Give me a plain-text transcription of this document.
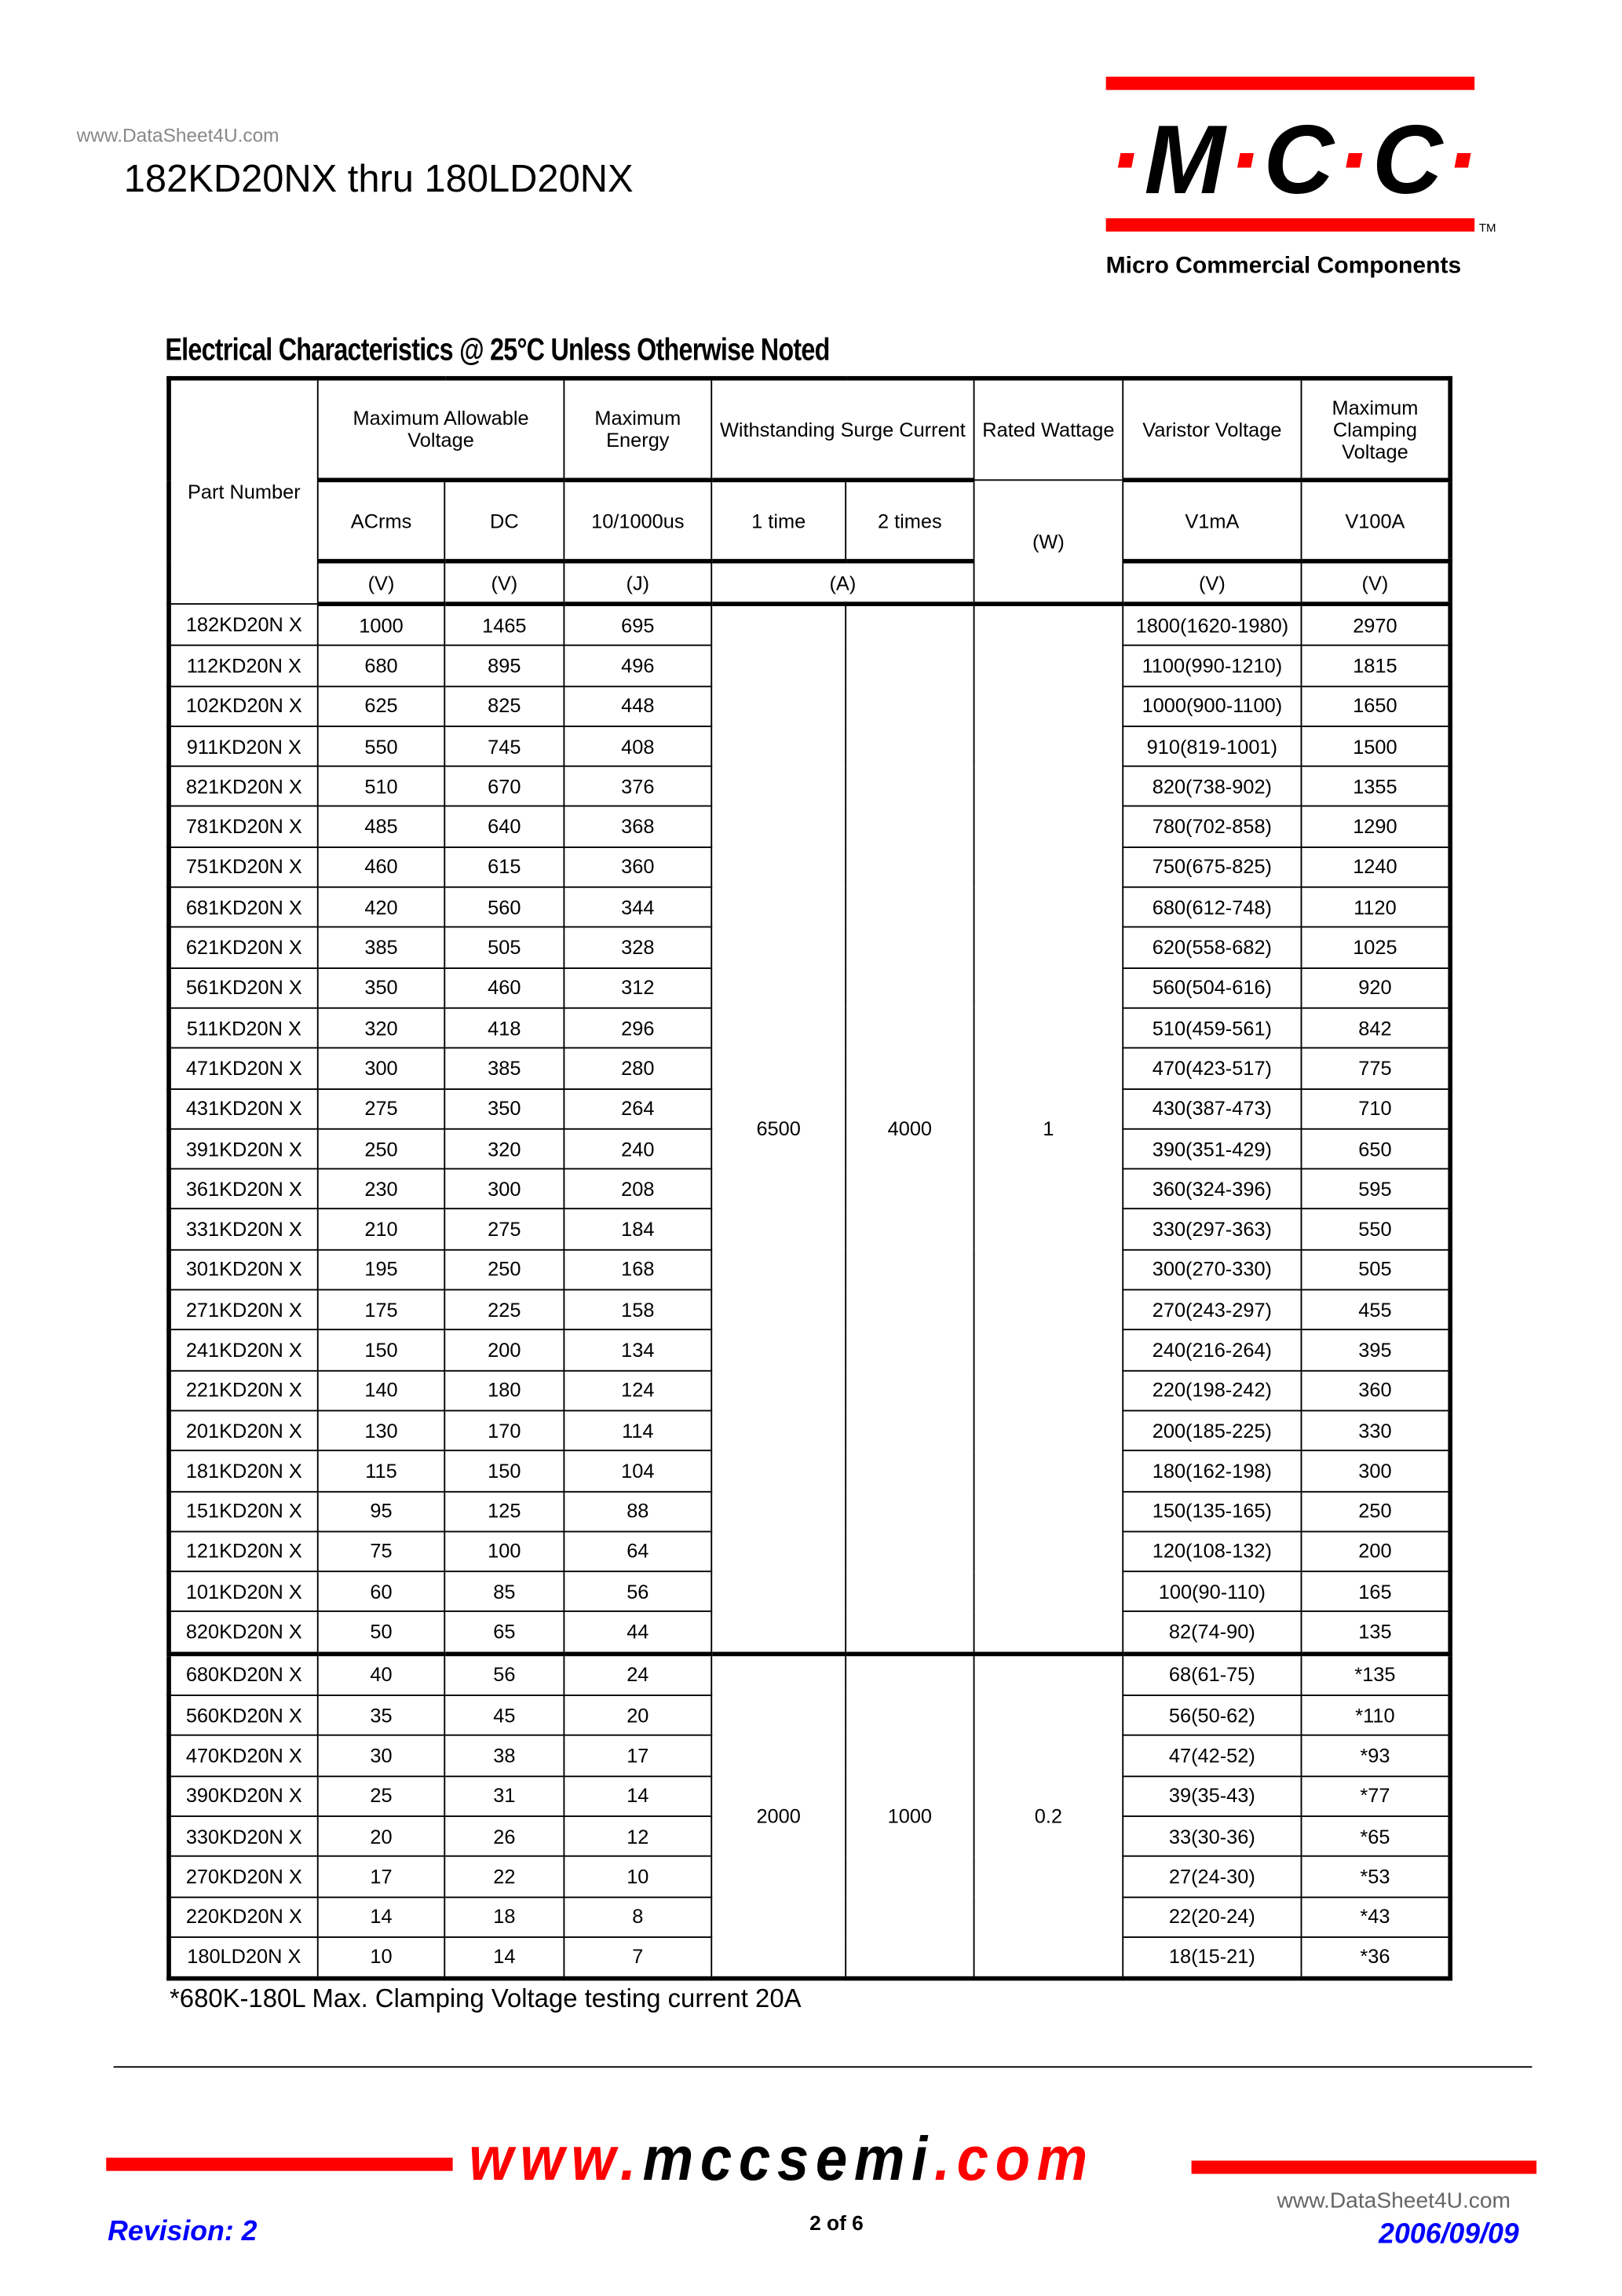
www.DataSheet4U.com
182KD20NX thru 180LD20NX	·M·C·C·
TM
Micro Commercial Components
Electrical Characteristics @ 25°C Unless Otherwise Noted
Part Number	Maximum Allowable Voltage		Maximum Energy	Withstanding Surge Current		Rated Wattage	Varistor Voltage	Maximum Clamping Voltage
	ACrms	DC	10/1000us	1 time	2 times	(W)	V1mA	V100A
	(V)	(V)	(J)	(A)			(V)	(V)
182KD20N X	1000	1465	695	6500	4000	1	1800(1620-1980)	2970
112KD20N X	680	895	496				1100(990-1210)	1815
102KD20N X	625	825	448				1000(900-1100)	1650
911KD20N X	550	745	408				910(819-1001)	1500
821KD20N X	510	670	376				820(738-902)	1355
781KD20N X	485	640	368				780(702-858)	1290
751KD20N X	460	615	360				750(675-825)	1240
681KD20N X	420	560	344				680(612-748)	1120
621KD20N X	385	505	328				620(558-682)	1025
561KD20N X	350	460	312				560(504-616)	920
511KD20N X	320	418	296				510(459-561)	842
471KD20N X	300	385	280				470(423-517)	775
431KD20N X	275	350	264				430(387-473)	710
391KD20N X	250	320	240				390(351-429)	650
361KD20N X	230	300	208				360(324-396)	595
331KD20N X	210	275	184				330(297-363)	550
301KD20N X	195	250	168				300(270-330)	505
271KD20N X	175	225	158				270(243-297)	455
241KD20N X	150	200	134				240(216-264)	395
221KD20N X	140	180	124				220(198-242)	360
201KD20N X	130	170	114				200(185-225)	330
181KD20N X	115	150	104				180(162-198)	300
151KD20N X	95	125	88				150(135-165)	250
121KD20N X	75	100	64				120(108-132)	200
101KD20N X	60	85	56				100(90-110)	165
820KD20N X	50	65	44				82(74-90)	135
680KD20N X	40	56	24	2000	1000	0.2	68(61-75)	*135
560KD20N X	35	45	20				56(50-62)	*110
470KD20N X	30	38	17				47(42-52)	*93
390KD20N X	25	31	14				39(35-43)	*77
330KD20N X	20	26	12				33(30-36)	*65
270KD20N X	17	22	10				27(24-30)	*53
220KD20N X	14	18	8				22(20-24)	*43
180LD20N X	10	14	7				18(15-21)	*36
*680K-180L Max. Clamping Voltage testing current 20A
www.mccsemi.com
Revision: 2	2 of 6
www.DataSheet4U.com
2006/09/09
